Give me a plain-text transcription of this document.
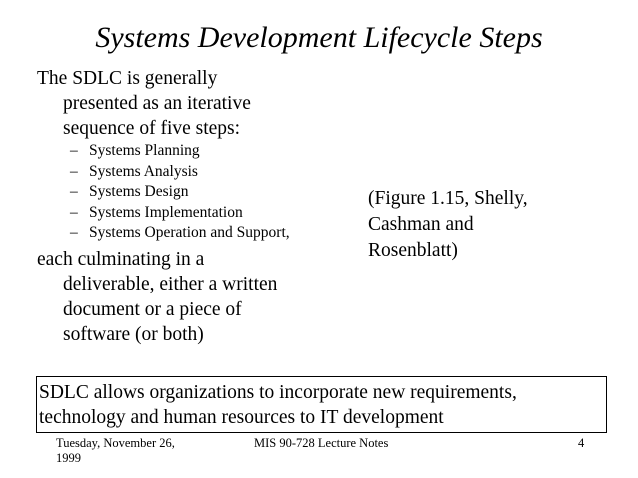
Systems Development Lifecycle Steps
The SDLC is generally
presented as an iterative
sequence of five steps:
– Systems Planning
– Systems Analysis
– Systems Design
– Systems Implementation
– Systems Operation and Support,
each culminating in a
deliverable, either a written
document or a piece of
software (or both)
(Figure 1.15, Shelly,
Cashman and
Rosenblatt)
SDLC allows organizations to incorporate new requirements,
technology and human resources to IT development
Tuesday, November 26,
1999
MIS 90-728 Lecture Notes	4
